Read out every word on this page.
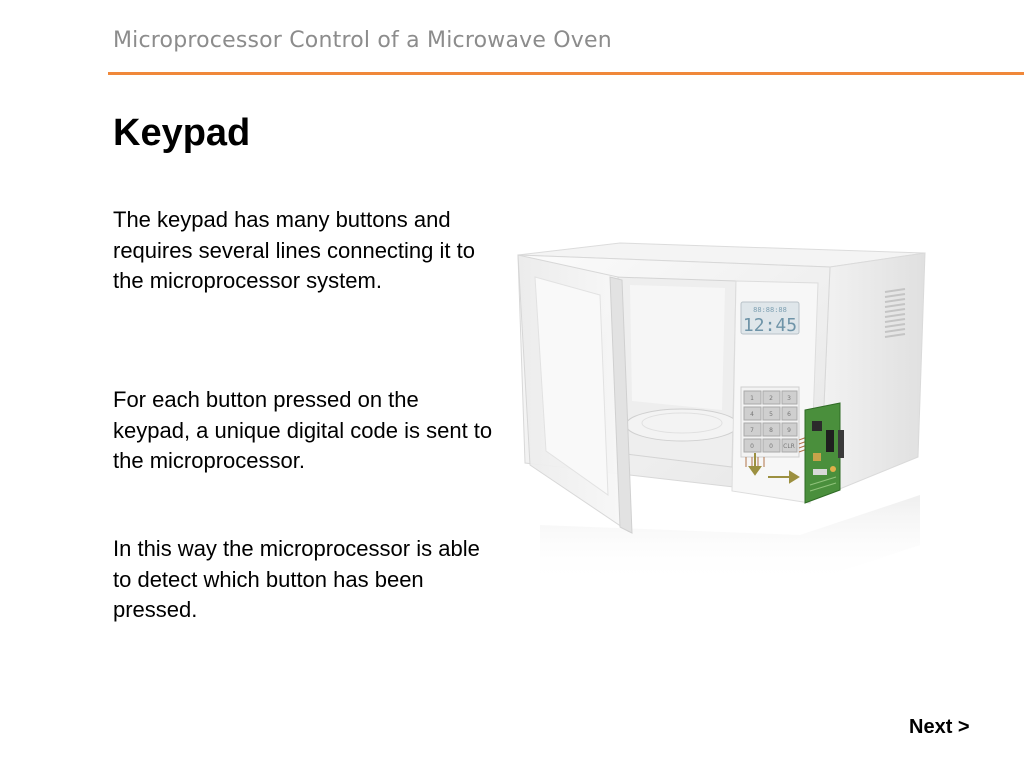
Microprocessor Control of a Microwave Oven
Keypad
The keypad has many buttons and requires several lines connecting it to the microprocessor system.
For each button pressed on the keypad, a unique digital code is sent to the microprocessor.
In this way the microprocessor is able to detect which button has been pressed.
88:88:88
12:45
1	2 3
4	5 6
7	8 9
0	0 CLR
Next >
